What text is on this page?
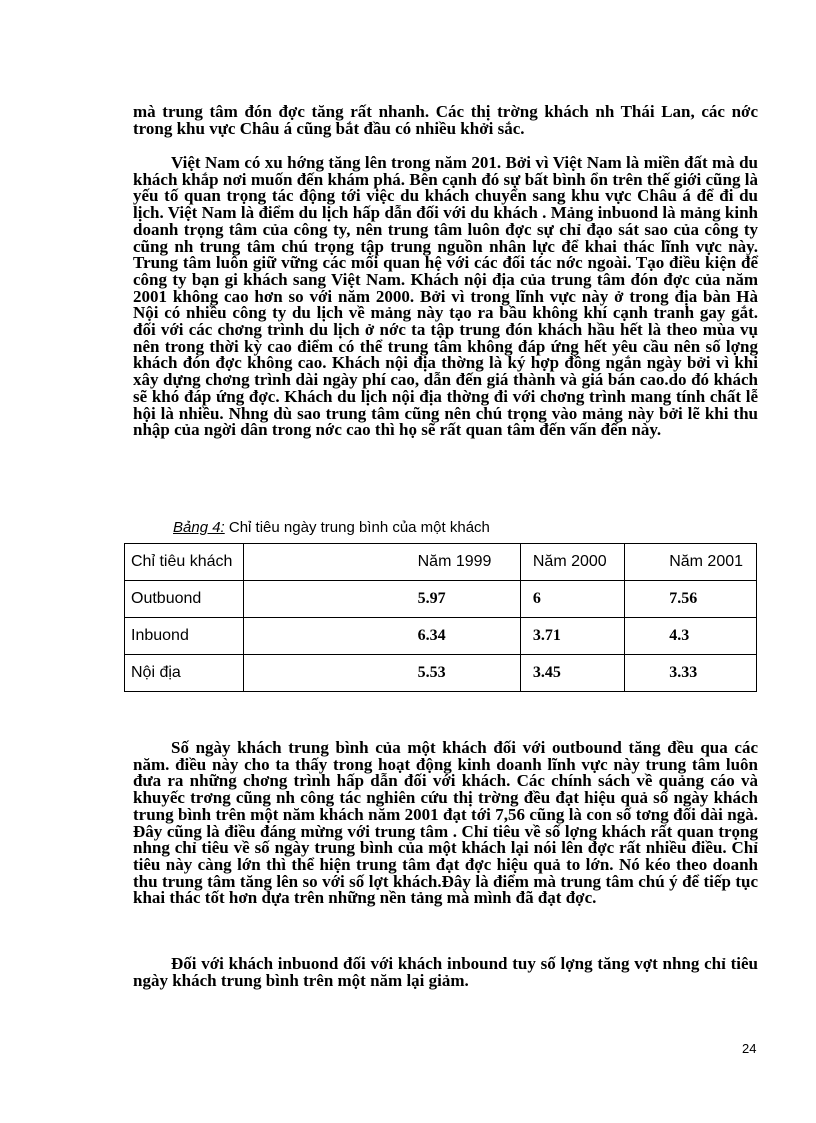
mà trung tâm đón đợc tăng rất nhanh. Các thị trờng khách nh Thái Lan, các nớc trong khu vực Châu á cũng bắt đầu có nhiều khởi sắc.

Việt Nam có xu hớng tăng lên trong năm 201. Bởi vì Việt Nam là miền đất mà du khách khắp nơi muốn đến khám phá. Bên cạnh đó sự bất bình ổn trên thế giới cũng là yếu tố quan trọng tác động tới việc du khách chuyển sang khu vực Châu á để đi du lịch. Việt Nam là điểm du lịch hấp dẫn đối với du khách . Mảng inbuond là mảng kinh doanh trọng tâm của công ty, nên trung tâm luôn đợc sự chỉ đạo sát sao của công ty cũng nh trung tâm chú trọng tập trung nguồn nhân lực để khai thác lĩnh vực này. Trung tâm luôn giữ vững các mối quan hệ với các đối tác nớc ngoài. Tạo điều kiện để công ty bạn gi khách sang Việt Nam. Khách nội địa của trung tâm đón đợc của năm 2001 không cao hơn so với năm 2000. Bởi vì trong lĩnh vực này ở trong địa bàn Hà Nội có nhiều công ty du lịch về mảng này tạo ra bầu không khí cạnh tranh gay gắt. đối với các chơng trình du lịch ở nớc ta tập trung đón khách hầu hết là theo mùa vụ nên trong thời kỳ cao điểm có thể trung tâm không đáp ứng hết yêu cầu nên số lợng khách đón đợc không cao. Khách nội địa thờng là ký hợp đồng ngắn ngày bởi vì khi xây dựng chơng trình dài ngày phí cao, dẫn đến giá thành và giá bán cao.do đó khách sẽ khó đáp ứng đợc. Khách du lịch nội địa thờng đi với chơng trình mang tính chất lễ hội là nhiều. Nhng dù sao trung tâm cũng nên chú trọng vào mảng này bởi lẽ khi thu nhập của ngời dân trong nớc cao thì họ sẽ rất quan tâm đến vấn đến này.

Bảng 4: Chỉ tiêu ngày trung bình của một khách

Chỉ tiêu khách	Năm 1999	Năm 2000	Năm 2001
Outbuond	5.97	6	7.56
Inbuond	6.34	3.71	4.3
Nội địa	5.53	3.45	3.33

Số ngày khách trung bình của một khách đối với outbound tăng đều qua các năm. điều này cho ta thấy trong hoạt động kinh doanh lĩnh vực này trung tâm luôn đưa ra những chơng trình hấp dẫn đối với khách. Các chính sách về quảng cáo và khuyếc trơng cũng nh công tác nghiên cứu thị trờng đều đạt hiệu quả số ngày khách trung bình trên một năm khách năm 2001 đạt tới 7,56 cũng là con số tơng đối dài ngà. Đây cũng là điều đáng mừng với trung tâm . Chỉ tiêu về số lợng khách rất quan trọng nhng chỉ tiêu về số ngày trung bình của một khách lại nói lên đợc rất nhiều điều. Chỉ tiêu này càng lớn thì thể hiện trung tâm đạt đợc hiệu quả to lớn. Nó kéo theo doanh thu trung tâm tăng lên so với số lợt khách.Đây là điểm mà trung tâm chú ý để tiếp tục khai thác tốt hơn dựa trên những nền tảng mà mình đã đạt đợc.

Đối với khách inbuond đối với khách inbound tuy số lợng tăng vợt nhng chỉ tiêu ngày khách trung bình trên một năm lại giảm.

24
